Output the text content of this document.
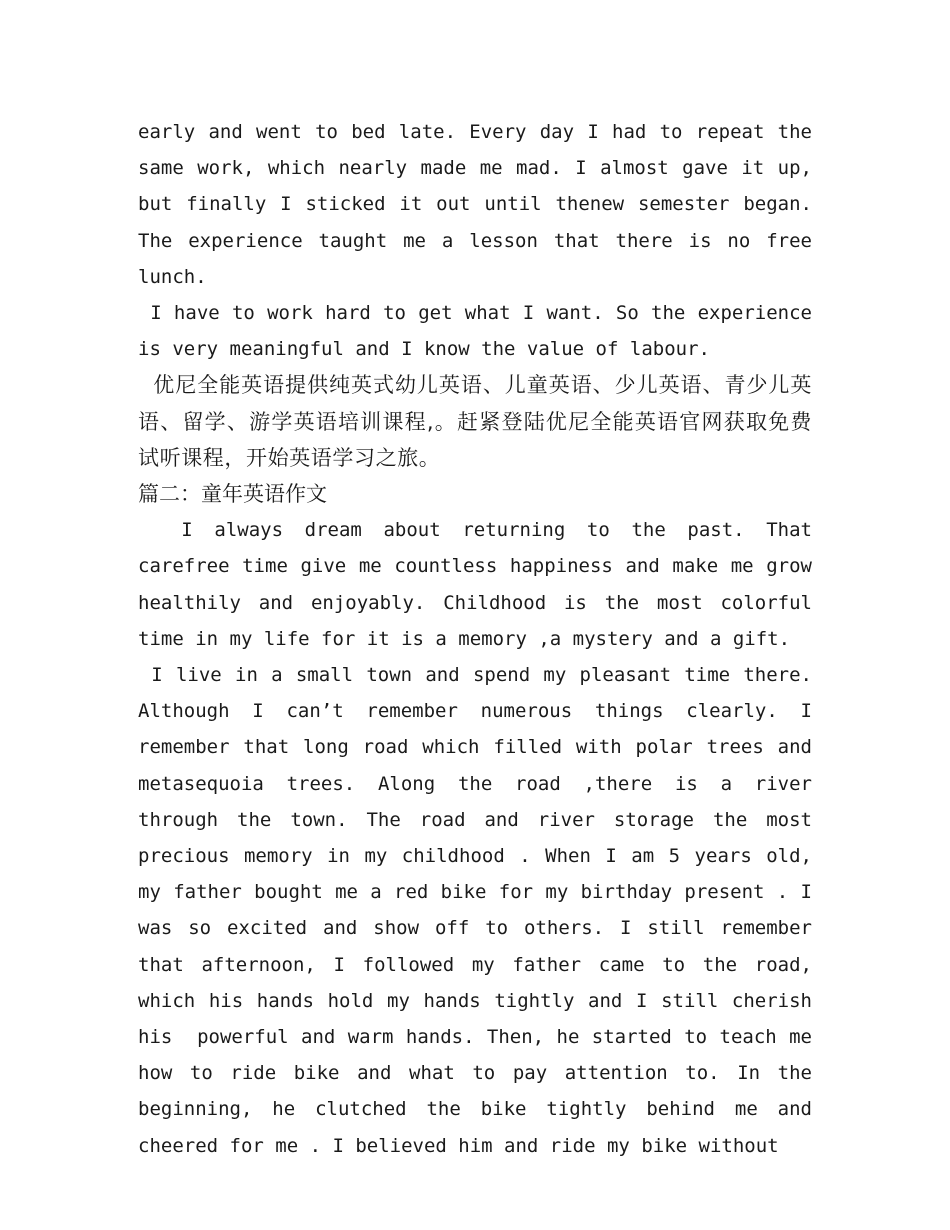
early and went to bed late. Every day I had to repeat the same work, which nearly made me mad. I almost gave it up, but finally I sticked it out until thenew semester began. The experience taught me a lesson that there is no free lunch.

I have to work hard to get what I want. So the experience is very meaningful and I know the value of labour.

优尼全能英语提供纯英式幼儿英语、儿童英语、少儿英语、青少儿英语、留学、游学英语培训课程,。赶紧登陆优尼全能英语官网获取免费试听课程，开始英语学习之旅。

篇二：童年英语作文

I always dream about returning to the past. That carefree time give me countless happiness and make me grow healthily and enjoyably. Childhood is the most colorful time in my life for it is a memory ,a mystery and a gift.

I live in a small town and spend my pleasant time there. Although I can’t remember numerous things clearly. I remember that long road which filled with polar trees and metasequoia trees. Along the road ,there is a river through the town. The road and river storage the most precious memory in my childhood . When I am 5 years old, my father bought me a red bike for my birthday present . I was so excited and show off to others. I still remember that afternoon, I followed my father came to the road, which his hands hold my hands tightly and I still cherish his  powerful and warm hands. Then, he started to teach me how to ride bike and what to pay attention to. In the beginning, he clutched the bike tightly behind me and cheered for me . I believed him and ride my bike without
